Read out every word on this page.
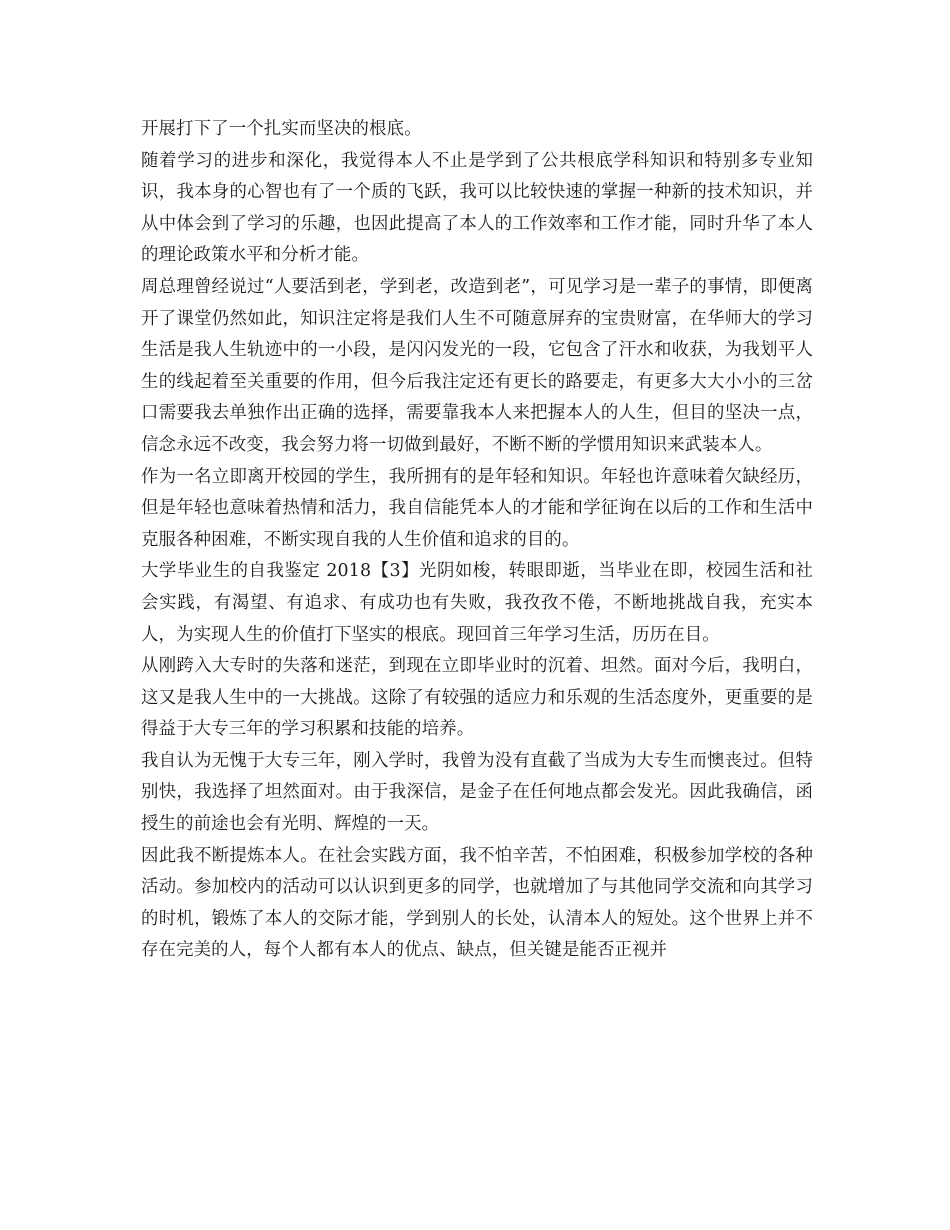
开展打下了一个扎实而坚决的根底。

随着学习的进步和深化，我觉得本人不止是学到了公共根底学科知识和特别多专业知识，我本身的心智也有了一个质的飞跃，我可以比较快速的掌握一种新的技术知识，并从中体会到了学习的乐趣，也因此提高了本人的工作效率和工作才能，同时升华了本人的理论政策水平和分析才能。

周总理曾经说过“人要活到老，学到老，改造到老”，可见学习是一辈子的事情，即便离开了课堂仍然如此，知识注定将是我们人生不可随意屏弃的宝贵财富，在华师大的学习生活是我人生轨迹中的一小段，是闪闪发光的一段，它包含了汗水和收获，为我划平人生的线起着至关重要的作用，但今后我注定还有更长的路要走，有更多大大小小的三岔口需要我去单独作出正确的选择，需要靠我本人来把握本人的人生，但目的坚决一点，信念永远不改变，我会努力将一切做到最好，不断不断的学惯用知识来武装本人。

作为一名立即离开校园的学生，我所拥有的是年轻和知识。年轻也许意味着欠缺经历，但是年轻也意味着热情和活力，我自信能凭本人的才能和学征询在以后的工作和生活中克服各种困难，不断实现自我的人生价值和追求的目的。

大学毕业生的自我鉴定 2018【3】光阴如梭，转眼即逝，当毕业在即，校园生活和社会实践，有渴望、有追求、有成功也有失败，我孜孜不倦，不断地挑战自我，充实本人，为实现人生的价值打下坚实的根底。现回首三年学习生活，历历在目。

从刚跨入大专时的失落和迷茫，到现在立即毕业时的沉着、坦然。面对今后，我明白，这又是我人生中的一大挑战。这除了有较强的适应力和乐观的生活态度外，更重要的是得益于大专三年的学习积累和技能的培养。

我自认为无愧于大专三年，刚入学时，我曾为没有直截了当成为大专生而懊丧过。但特别快，我选择了坦然面对。由于我深信，是金子在任何地点都会发光。因此我确信，函授生的前途也会有光明、辉煌的一天。

因此我不断提炼本人。在社会实践方面，我不怕辛苦，不怕困难，积极参加学校的各种活动。参加校内的活动可以认识到更多的同学，也就增加了与其他同学交流和向其学习的时机，锻炼了本人的交际才能，学到别人的长处，认清本人的短处。这个世界上并不存在完美的人，每个人都有本人的优点、缺点，但关键是能否正视并
